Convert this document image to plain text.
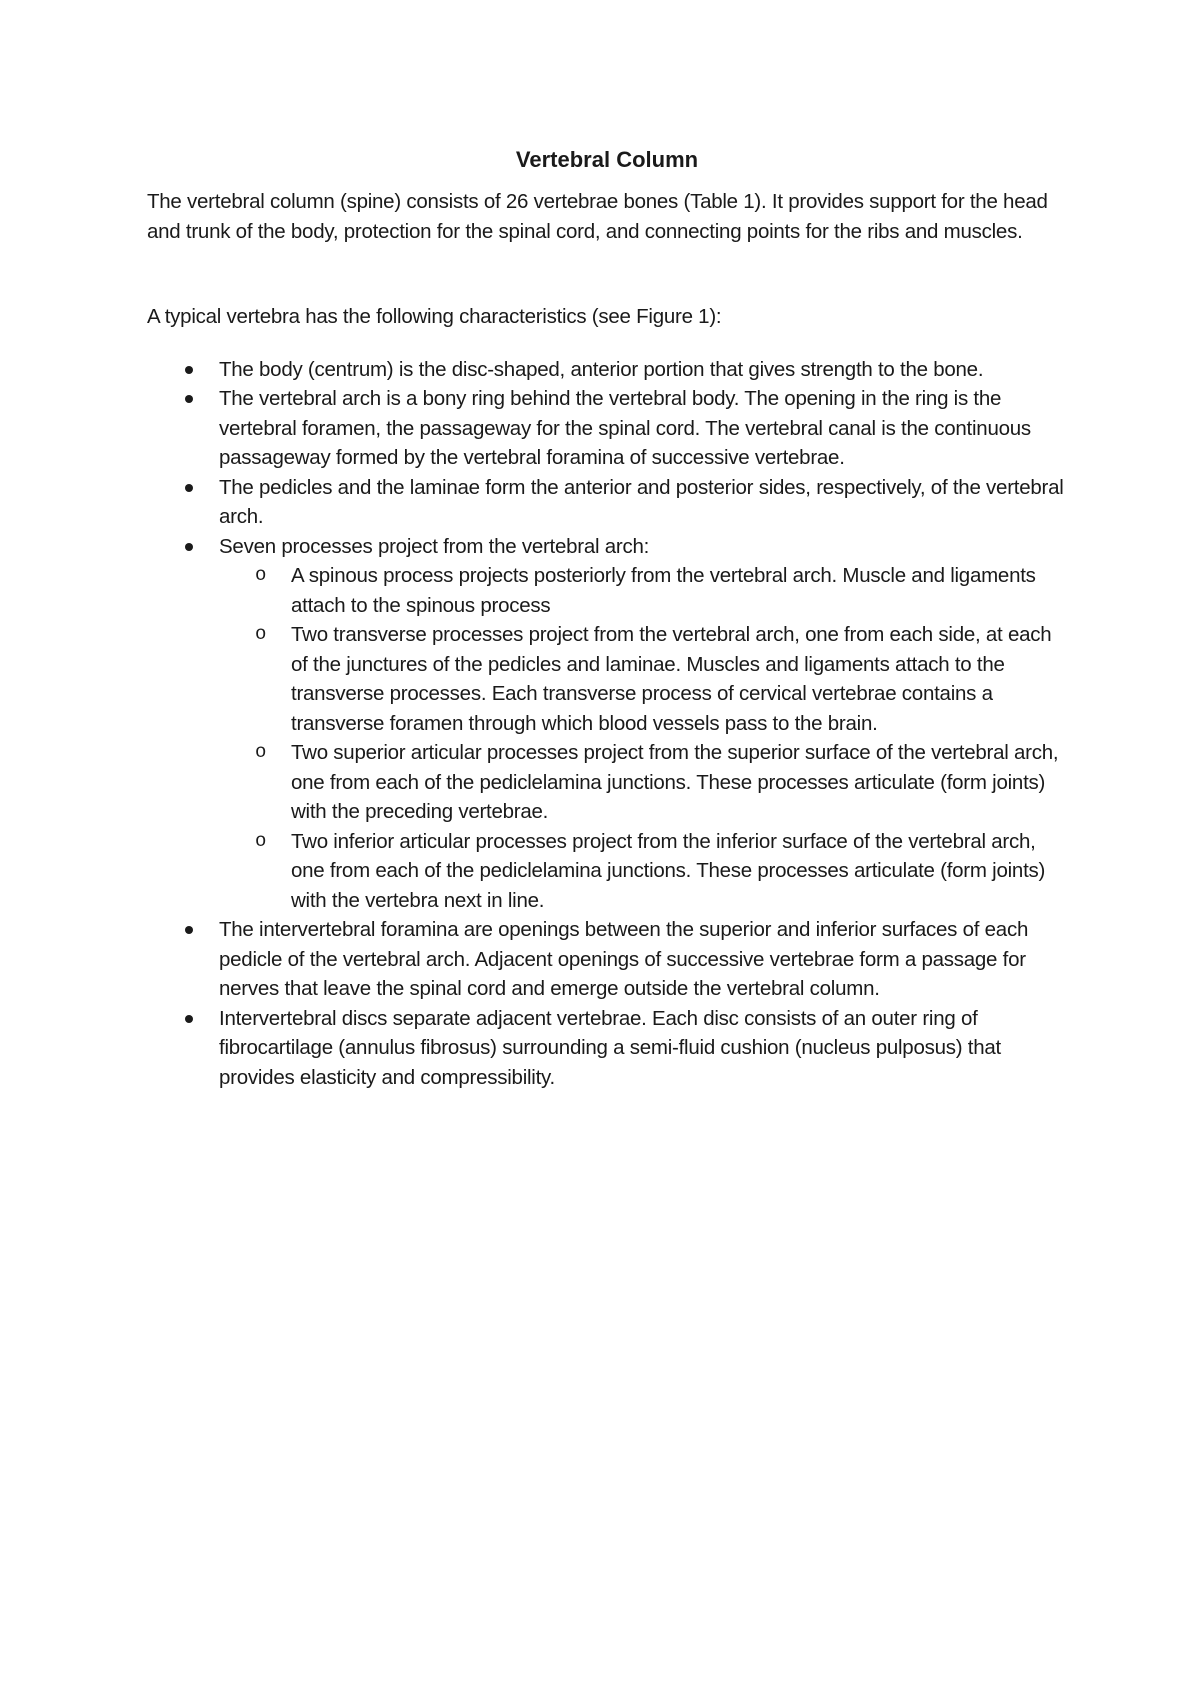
Vertebral Column

The vertebral column (spine) consists of 26 vertebrae bones (Table 1). It provides support for the head and trunk of the body, protection for the spinal cord, and connecting points for the ribs and muscles.

A typical vertebra has the following characteristics (see Figure 1):

The body (centrum) is the disc-shaped, anterior portion that gives strength to the bone.
The vertebral arch is a bony ring behind the vertebral body. The opening in the ring is the vertebral foramen, the passageway for the spinal cord. The vertebral canal is the continuous passageway formed by the vertebral foramina of successive vertebrae.
The pedicles and the laminae form the anterior and posterior sides, respectively, of the vertebral arch.
Seven processes project from the vertebral arch:
o A spinous process projects posteriorly from the vertebral arch. Muscle and ligaments attach to the spinous process
o Two transverse processes project from the vertebral arch, one from each side, at each of the junctures of the pedicles and laminae. Muscles and ligaments attach to the transverse processes. Each transverse process of cervical vertebrae contains a transverse foramen through which blood vessels pass to the brain.
o Two superior articular processes project from the superior surface of the vertebral arch, one from each of the pediclelamina junctions. These processes articulate (form joints) with the preceding vertebrae.
o Two inferior articular processes project from the inferior surface of the vertebral arch, one from each of the pediclelamina junctions. These processes articulate (form joints) with the vertebra next in line.
The intervertebral foramina are openings between the superior and inferior surfaces of each pedicle of the vertebral arch. Adjacent openings of successive vertebrae form a passage for nerves that leave the spinal cord and emerge outside the vertebral column.
Intervertebral discs separate adjacent vertebrae. Each disc consists of an outer ring of fibrocartilage (annulus fibrosus) surrounding a semi-fluid cushion (nucleus pulposus) that provides elasticity and compressibility.
